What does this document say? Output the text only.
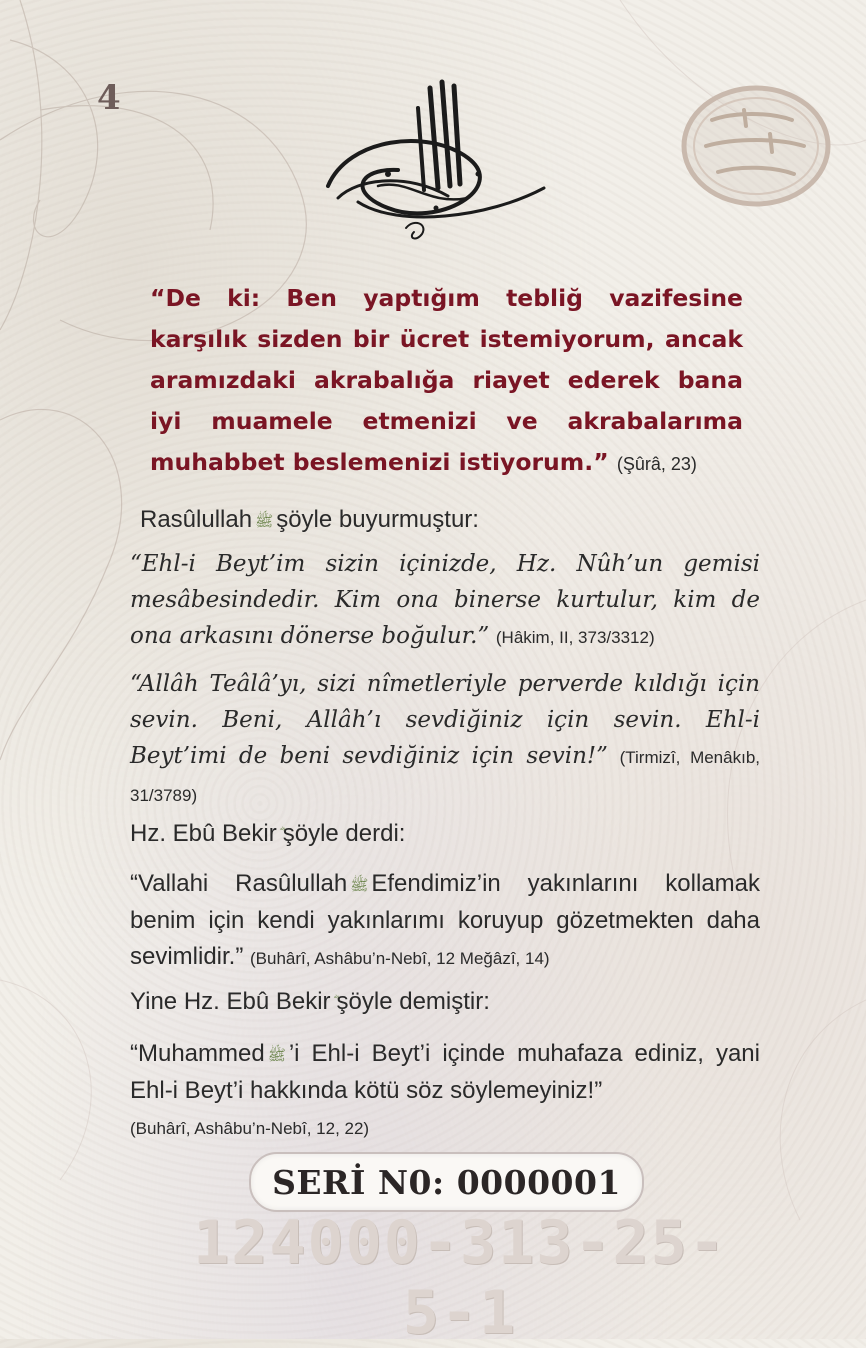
4
“De ki: Ben yaptığım tebliğ vazifesine karşılık sizden bir ücret istemiyorum, ancak aramızdaki akrabalığa riayet ederek bana iyi muamele etmenizi ve akrabalarıma muhabbet beslemenizi istiyorum.” (Şûrâ, 23)
Rasûlullah ﷺ şöyle buyurmuştur:
“Ehl-i Beyt’im sizin içinizde, Hz. Nûh’un gemisi mesâbesindedir. Kim ona binerse kurtulur, kim de ona arkasını dönerse boğulur.” (Hâkim, II, 373/3312)
“Allâh Teâlâ’yı, sizi nîmetleriyle perverde kıldığı için sevin. Beni, Allâh’ı sevdiğiniz için sevin. Ehl-i Beyt’imi de beni sevdiğiniz için sevin!” (Tirmizî, Menâkıb, 31/3789)
Hz. Ebû Bekir şöyle derdi:
“Vallahi Rasûlullah ﷺ Efendimiz’in yakınlarını kollamak benim için kendi yakınlarımı koruyup gözetmekten daha sevimlidir.” (Buhârî, Ashâbu’n-Nebî, 12 Meğâzî, 14)
Yine Hz. Ebû Bekir şöyle demiştir:
“Muhammed ﷺ ’i Ehl-i Beyt’i içinde muhafaza ediniz, yani Ehl-i Beyt’i hakkında kötü söz söylemeyiniz!”
(Buhârî, Ashâbu’n-Nebî, 12, 22)
SERİ N0: 0000001
124000-313-25-5-1
